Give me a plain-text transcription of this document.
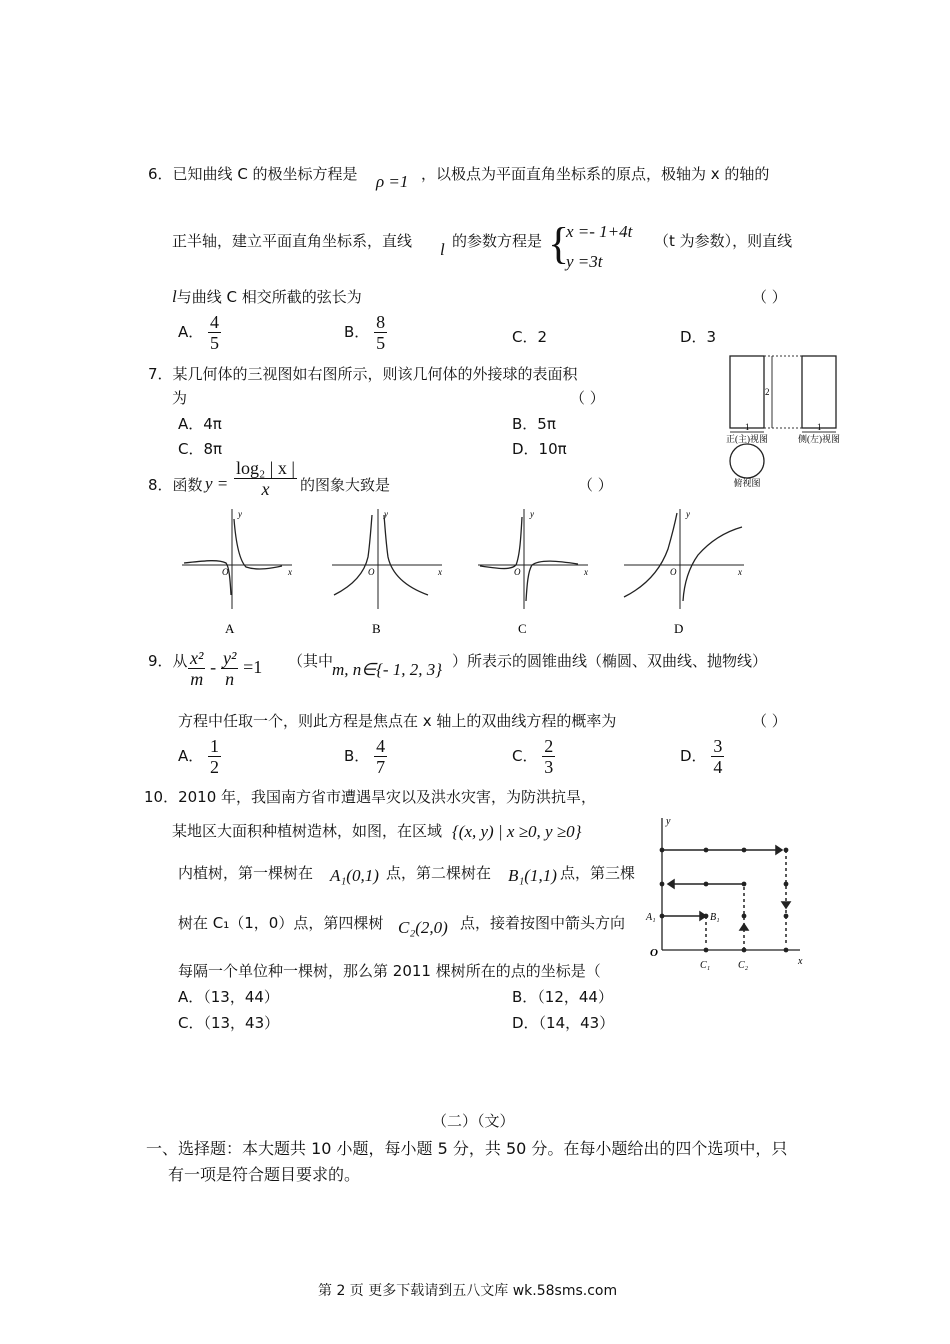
6．已知曲线 C 的极坐标方程是 ρ =1 ，以极点为平面直角坐标系的原点，极轴为 x 的轴的
正半轴，建立平面直角坐标系，直线 l 的参数方程是 {
x =- 1+4t
y =3t
（t 为参数），则直线
l与曲线 C 相交所截的弦长为	（ ）
A． $\frac{4}{5}$	B． $\frac{8}{5}$	C．2	D．3
7．某几何体的三视图如右图所示，则该几何体的外接球的表面积
为	（ ）
A．4π	B．5π
C．8π	D．10π
2
1	1
正(主)视图	侧(左)视图
俯视图
8．函数 $y = \frac{\text{log₂ | x |}}{x}$ 的图象大致是	（ ）
y
x
O
A
y
x
O
B
y
x
O
C
y
x
O
D
9．从 $\frac{\text{x²}}{m} - \frac{\text{y²}}{n} =1$ （其中
m, n∈{- 1, 2, 3} ）所表示的圆锥曲线（椭圆、双曲线、抛物线）
方程中任取一个，则此方程是焦点在 x 轴上的双曲线方程的概率为	（ ）
A． $\frac{1}{2}$	B． $\frac{4}{7}$	C． $\frac{2}{3}$	D． $\frac{3}{4}$
10．2010 年，我国南方省市遭遇旱灾以及洪水灾害，为防洪抗旱，
某地区大面积种植树造林，如图，在区域 {(x, y) | x ≥0, y ≥0}
内植树，第一棵树在 A₁(0,1) 点，第二棵树在 B₁(1,1) 点，第三棵
树在 C₁（1，0）点，第四棵树 C₂(2,0) 点，接着按图中箭头方向
每隔一个单位种一棵树，那么第 2011 棵树所在的点的坐标是（
A．（13，44）	B．（12，44）
C．（13，43）	D．（14，43）
y
A₁	B₁
O
C₁	C₂	x
（二）（文）
一、选择题：本大题共 10 小题，每小题 5 分，共 50 分。在每小题给出的四个选项中，只
有一项是符合题目要求的。
第 2 页 更多下载请到五八文库 wk.58sms.com
